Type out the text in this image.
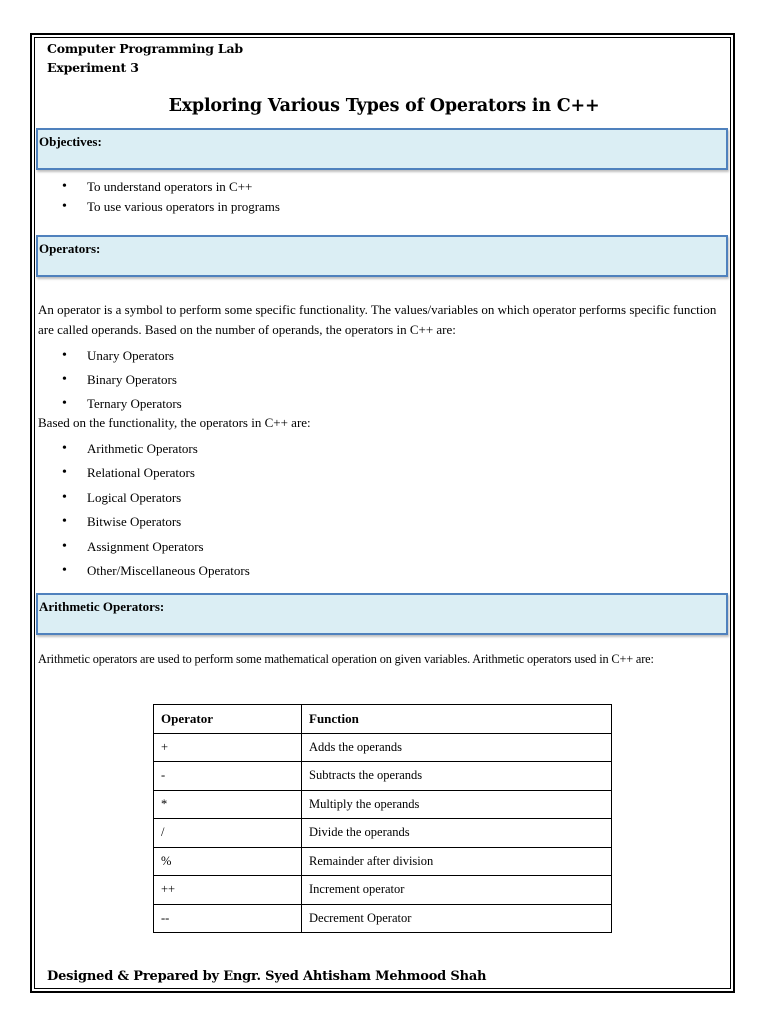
Computer Programming Lab
Experiment 3
Exploring Various Types of Operators in C++
Objectives:
• To understand operators in C++
• To use various operators in programs
Operators:
An operator is a symbol to perform some specific functionality. The values/variables on which operator performs specific function are called operands. Based on the number of operands, the operators in C++ are:
• Unary Operators
• Binary Operators
• Ternary Operators
Based on the functionality, the operators in C++ are:
• Arithmetic Operators
• Relational Operators
• Logical Operators
• Bitwise Operators
• Assignment Operators
• Other/Miscellaneous Operators
Arithmetic Operators:
Arithmetic operators are used to perform some mathematical operation on given variables. Arithmetic operators used in C++ are:
Operator	Function
+	Adds the operands
-	Subtracts the operands
*	Multiply the operands
/	Divide the operands
%	Remainder after division
++	Increment operator
--	Decrement Operator
Designed & Prepared by Engr. Syed Ahtisham Mehmood Shah
